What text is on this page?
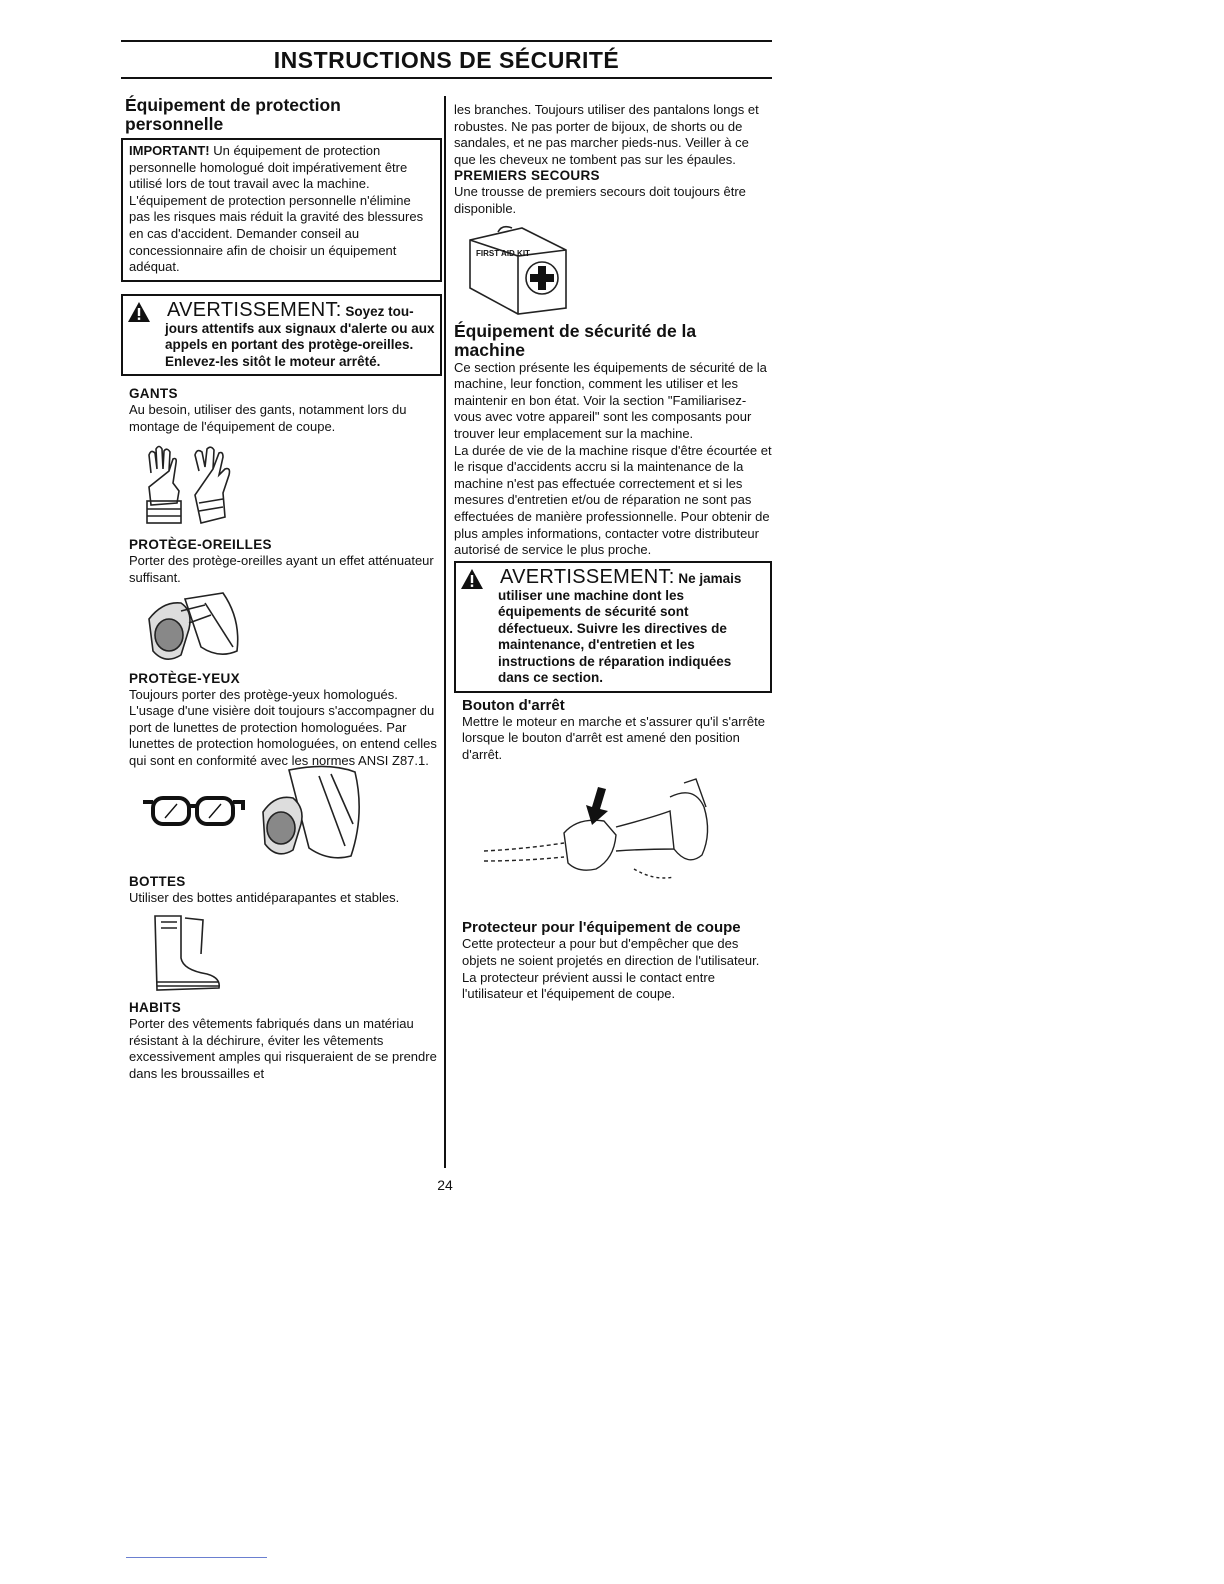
INSTRUCTIONS DE SÉCURITÉ
Équipement de protection personnelle

IMPORTANT! Un équipement de protection personnelle homologué doit impérativement être utilisé lors de tout travail avec la machine. L'équipement de protection personnelle n'élimine pas les risques mais réduit la gravité des blessures en cas d'accident. Demander conseil au concessionnaire afin de choisir un équipement adéquat.

AVERTISSEMENT: Soyez tou-
jours attentifs aux signaux d'alerte ou aux appels en portant des protège-oreilles. Enlevez-les sitôt le moteur arrêté.
GANTS

Au besoin, utiliser des gants, notamment lors du montage de l'équipement de coupe.

PROTÈGE-OREILLES

Porter des protège-oreilles ayant un effet atténuateur suffisant.

PROTÈGE-YEUX

Toujours porter des protège-yeux homologués. L'usage d'une visière doit toujours s'accompagner du port de lunettes de protection homologuées. Par lunettes de protection homologuées, on entend celles qui sont en conformité avec les normes ANSI Z87.1.

BOTTES

Utiliser des bottes antidéparapantes et stables.

HABITS

Porter des vêtements fabriqués dans un matériau résistant à la déchirure, éviter les vêtements excessivement amples qui risqueraient de se prendre dans les broussailles et

les branches. Toujours utiliser des pantalons longs et robustes. Ne pas porter de bijoux, de shorts ou de sandales, et ne pas marcher pieds-nus. Veiller à ce que les cheveux ne tombent pas sur les épaules.

PREMIERS SECOURS

Une trousse de premiers secours doit toujours être disponible.

FIRST AID KIT
Équipement de sécurité de la machine

Ce section présente les équipements de sécurité de la machine, leur fonction, comment les utiliser et les maintenir en bon état. Voir la section "Familiarisez-vous avec votre appareil" sont les composants pour trouver leur emplacement sur la machine.

La durée de vie de la machine risque d'être écourtée et le risque d'accidents accru si la maintenance de la machine n'est pas effectuée correctement et si les mesures d'entretien et/ou de réparation ne sont pas effectuées de manière professionnelle. Pour obtenir de plus amples informations, contacter votre distributeur autorisé de service le plus proche.

AVERTISSEMENT: Ne jamais
utiliser une machine dont les équipements de sécurité sont défectueux. Suivre les directives de maintenance, d'entretien et les instructions de réparation indiquées dans ce section.
Bouton d'arrêt

Mettre le moteur en marche et s'assurer qu'il s'arrête lorsque le bouton d'arrêt est amené den position d'arrêt.

Protecteur pour l'équipement de coupe

Cette protecteur a pour but d'empêcher que des objets ne soient projetés en direction de l'utilisateur. La protecteur prévient aussi le contact entre l'utilisateur et l'équipement de coupe.

24
